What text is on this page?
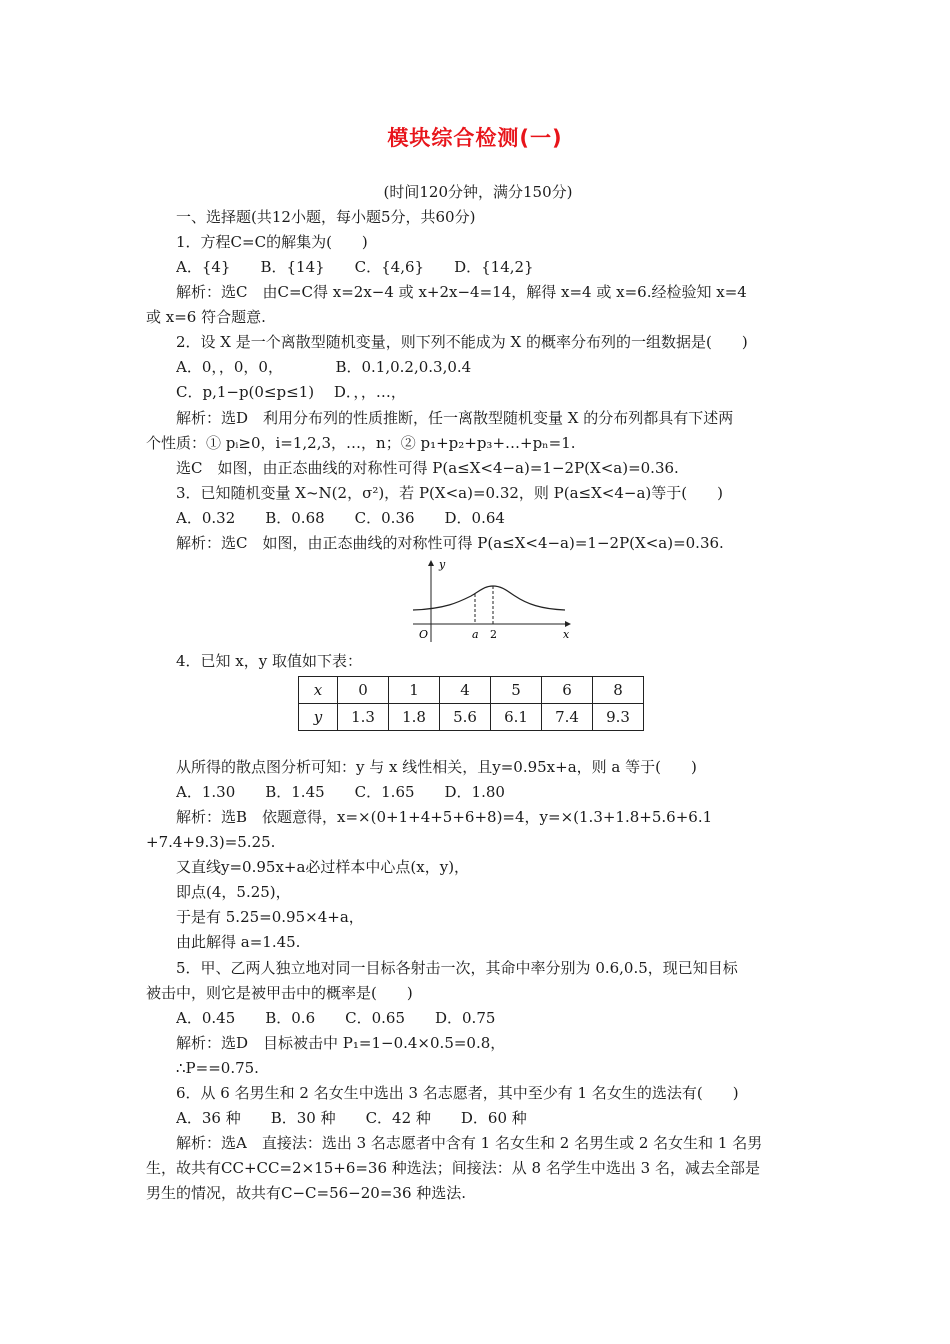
模块综合检测(一)
(时间120分钟，满分150分)
一、选择题(共12小题，每小题5分，共60分)
1．方程C=C的解集为(　　)
A．{4}　　B．{14}　　C．{4,6}　　D．{14,2}
解析：选C　由C=C得 x=2x−4 或 x+2x−4=14，解得 x=4 或 x=6.经检验知 x=4
或 x=6 符合题意.
2．设 X 是一个离散型随机变量，则下列不能成为 X 的概率分布列的一组数据是(　　)
A．0，，0，0，　　　　B．0.1,0.2,0.3,0.4
C．p,1−p(0≤p≤1)　 D．，，…，
解析：选D　利用分布列的性质推断，任一离散型随机变量 X 的分布列都具有下述两
个性质：① pᵢ≥0，i=1,2,3，…，n；② p₁+p₂+p₃+…+pₙ=1.
选C　如图，由正态曲线的对称性可得 P(a≤X<4−a)=1−2P(X<a)=0.36.
3．已知随机变量 X~N(2，σ²)，若 P(X<a)=0.32，则 P(a≤X<4−a)等于(　　)
A．0.32　　B．0.68　　C．0.36　　D．0.64
解析：选C　如图，由正态曲线的对称性可得 P(a≤X<4−a)=1−2P(X<a)=0.36.
y
x
O	a 2
4．已知 x，y 取值如下表：
x	0	1	4	5	6	8
y	1.3	1.8	5.6	6.1	7.4	9.3
从所得的散点图分析可知：y 与 x 线性相关，且y=0.95x+a，则 a 等于(　　)
A．1.30　　B．1.45　　C．1.65　　D．1.80
解析：选B　依题意得，x=×(0+1+4+5+6+8)=4，y=×(1.3+1.8+5.6+6.1
+7.4+9.3)=5.25.
又直线y=0.95x+a必过样本中心点(x，y)，
即点(4，5.25)，
于是有 5.25=0.95×4+a，
由此解得 a=1.45.
5．甲、乙两人独立地对同一目标各射击一次，其命中率分别为 0.6,0.5，现已知目标
被击中，则它是被甲击中的概率是(　　)
A．0.45　　B．0.6　　C．0.65　　D．0.75
解析：选D　目标被击中 P₁=1−0.4×0.5=0.8，
∴P==0.75.
6．从 6 名男生和 2 名女生中选出 3 名志愿者，其中至少有 1 名女生的选法有(　　)
A．36 种　　B．30 种　　C．42 种　　D．60 种
解析：选A　直接法：选出 3 名志愿者中含有 1 名女生和 2 名男生或 2 名女生和 1 名男
生，故共有CC+CC=2×15+6=36 种选法；间接法：从 8 名学生中选出 3 名，减去全部是
男生的情况，故共有C−C=56−20=36 种选法.
